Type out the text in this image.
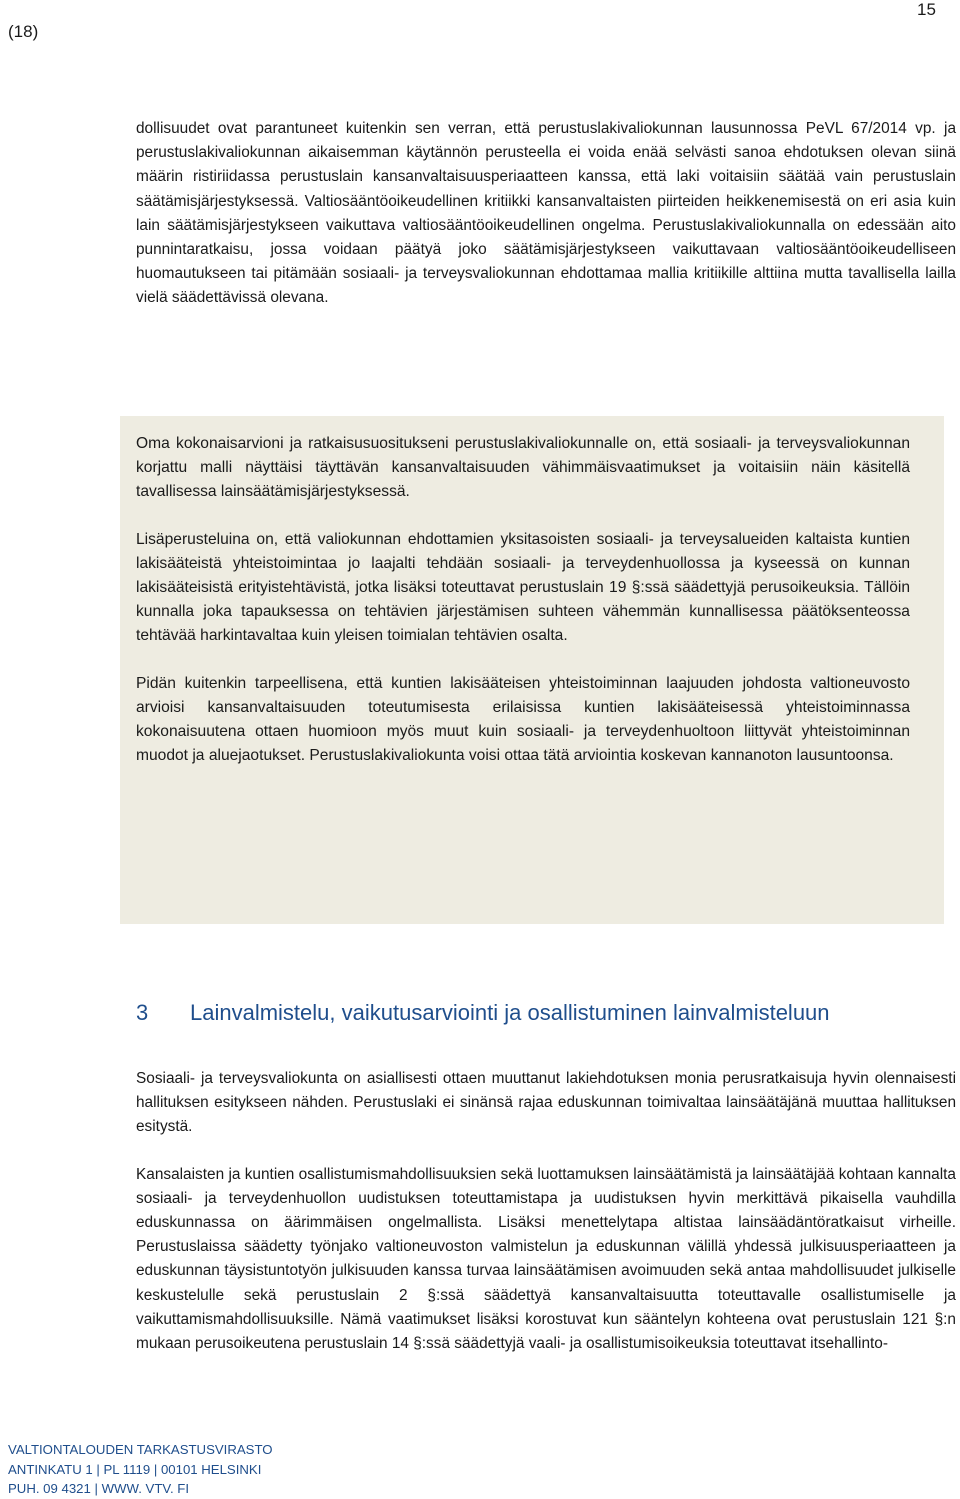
(18)
15

dollisuudet ovat parantuneet kuitenkin sen verran, että perustuslakivaliokunnan lausunnossa PeVL 67/2014 vp. ja perustuslakivaliokunnan aikaisemman käytännön perusteella ei voida enää selvästi sanoa ehdotuksen olevan siinä määrin ristiriidassa perustuslain kansanvaltaisuusperiaatteen kanssa, että laki voitaisiin säätää vain perustuslain säätämisjärjestyksessä. Valtiosääntöoikeudellinen kritiikki kansanvaltaisten piirteiden heikkenemisestä on eri asia kuin lain säätämisjärjestykseen vaikuttava valtiosääntöoikeudellinen ongelma. Perustuslakivaliokunnalla on edessään aito punnintaratkaisu, jossa voidaan päätyä joko säätämisjärjestykseen vaikuttavaan valtiosääntöoikeudelliseen huomautukseen tai pitämään sosiaali- ja terveysvaliokunnan ehdottamaa mallia kritiikille alttiina mutta tavallisella lailla vielä säädettävissä olevana.

Oma kokonaisarvioni ja ratkaisusuositukseni perustuslakivaliokunnalle on, että sosiaali- ja terveysvaliokunnan korjattu malli näyttäisi täyttävän kansanvaltaisuuden vähimmäisvaatimukset ja voitaisiin näin käsitellä tavallisessa lainsäätämisjärjestyksessä.

Lisäperusteluina on, että valiokunnan ehdottamien yksitasoisten sosiaali- ja terveysalueiden kaltaista kuntien lakisääteistä yhteistoimintaa jo laajalti tehdään sosiaali- ja terveydenhuollossa ja kyseessä on kunnan lakisääteisistä erityistehtävistä, jotka lisäksi toteuttavat perustuslain 19 §:ssä säädettyjä perusoikeuksia. Tällöin kunnalla joka tapauksessa on tehtävien järjestämisen suhteen vähemmän kunnallisessa päätöksenteossa tehtävää harkintavaltaa kuin yleisen toimialan tehtävien osalta.

Pidän kuitenkin tarpeellisena, että kuntien lakisääteisen yhteistoiminnan laajuuden johdosta valtioneuvosto arvioisi kansanvaltaisuuden toteutumisesta erilaisissa kuntien lakisääteisessä yhteistoiminnassa kokonaisuutena ottaen huomioon myös muut kuin sosiaali- ja terveydenhuoltoon liittyvät yhteistoiminnan muodot ja aluejaotukset. Perustuslakivaliokunta voisi ottaa tätä arviointia koskevan kannanoton lausuntoonsa.

3 Lainvalmistelu, vaikutusarviointi ja osallistuminen lainvalmisteluun

Sosiaali- ja terveysvaliokunta on asiallisesti ottaen muuttanut lakiehdotuksen monia perusratkaisuja hyvin olennaisesti hallituksen esitykseen nähden. Perustuslaki ei sinänsä rajaa eduskunnan toimivaltaa lainsäätäjänä muuttaa hallituksen esitystä.

Kansalaisten ja kuntien osallistumismahdollisuuksien sekä luottamuksen lainsäätämistä ja lainsäätäjää kohtaan kannalta sosiaali- ja terveydenhuollon uudistuksen toteuttamistapa ja uudistuksen hyvin merkittävä pikaisella vauhdilla eduskunnassa on äärimmäisen ongelmallista. Lisäksi menettelytapa altistaa lainsäädäntöratkaisut virheille. Perustuslaissa säädetty työnjako valtioneuvoston valmistelun ja eduskunnan välillä yhdessä julkisuusperiaatteen ja eduskunnan täysistuntotyön julkisuuden kanssa turvaa lainsäätämisen avoimuuden sekä antaa mahdollisuudet julkiselle keskustelulle sekä perustuslain 2 §:ssä säädettyä kansanvaltaisuutta toteuttavalle osallistumiselle ja vaikuttamismahdollisuuksille. Nämä vaatimukset lisäksi korostuvat kun sääntelyn kohteena ovat perustuslain 121 §:n mukaan perusoikeutena perustuslain 14 §:ssä säädettyjä vaali- ja osallistumisoikeuksia toteuttavat itsehallinto-

VALTIONTALOUDEN TARKASTUSVIRASTO
ANTINKATU 1 | PL 1119 | 00101 HELSINKI
PUH. 09 4321 | WWW. VTV. FI
